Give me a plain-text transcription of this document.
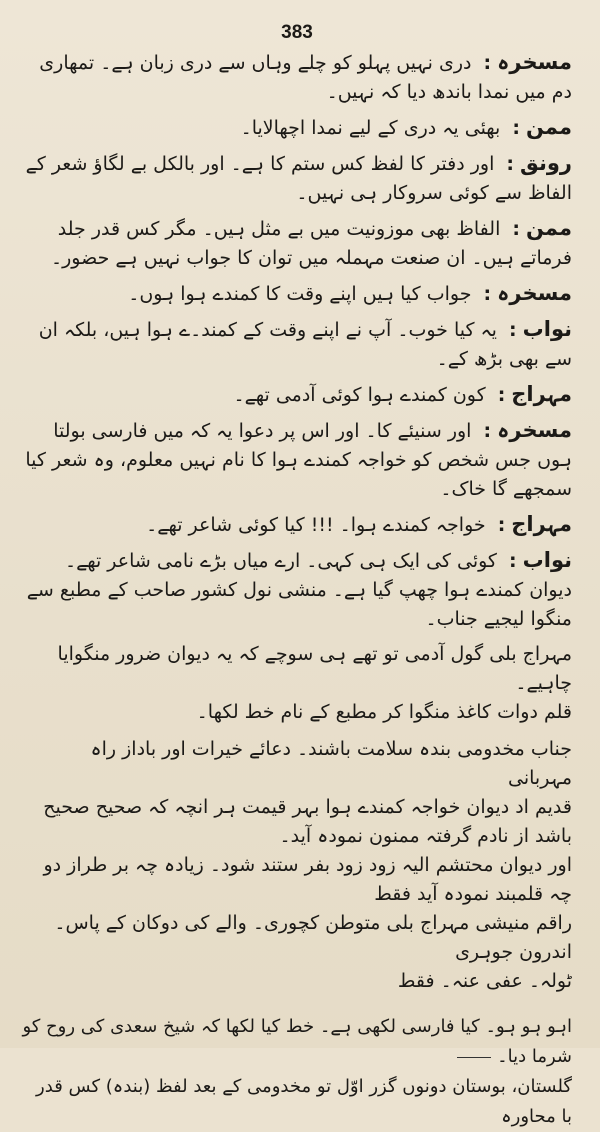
383

مسخرہ: دری نہیں پہلو کو چلے وہاں سے دری زبان ہے۔ تمھاری دم میں نمدا باندھ دیا کہ نہیں۔

ممن: بھئی یہ دری کے لیے نمدا اچھالایا۔

رونق: اور دفتر کا لفظ کس ستم کا ہے۔ اور بالکل بے لگاؤ شعر کے الفاظ سے کوئی سروکار ہی نہیں۔

ممن: الفاظ بھی موزونیت میں بے مثل ہیں۔ مگر کس قدر جلد فرماتے ہیں۔ ان صنعت مہملہ میں توان کا جواب نہیں ہے حضور۔

مسخرہ: جواب کیا ہیں اپنے وقت کا کمندے ہوا ہوں۔

نواب: یہ کیا خوب۔ آپ نے اپنے وقت کے کمند۔ے ہوا ہیں، بلکہ ان سے بھی بڑھ کے۔

مہراج: کون کمندے ہوا کوئی آدمی تھے۔

مسخرہ: اور سنیئے کا۔ اور اس پر دعوا یہ کہ میں فارسی بولتا ہوں جس شخص کو خواجہ کمندے ہوا کا نام نہیں معلوم، وہ شعر کیا سمجھے گا خاک۔

مہراج: خواجہ کمندے ہوا۔ !!! کیا کوئی شاعر تھے۔

نواب: کوئی کی ایک ہی کہی۔ ارے میاں بڑے نامی شاعر تھے۔ دیوان کمندے ہوا چھپ گیا ہے۔ منشی نول کشور صاحب کے مطبع سے منگوا لیجیے جناب۔

مہراج بلی گول آدمی تو تھے ہی سوچے کہ یہ دیوان ضرور منگوایا چاہیے۔

قلم دوات کاغذ منگوا کر مطبع کے نام خط لکھا۔

جناب مخدومی بندہ سلامت باشند۔ دعائے خیرات اور باداز راہ مہربانی

قدیم اد دیوان خواجہ کمندے ہوا بہر قیمت ہر انچہ کہ صحیح صحیح باشد از نادم گرفتہ ممنون نمودہ آید۔

اور دیوان محتشم الیہ زود زود بفر ستند شود۔ زیادہ چہ بر طراز دو چہ قلمبند نمودہ آید فقط

راقم منیشی مہراج بلی متوطن کچوری۔ والے کی دوکان کے پاس۔ اندرون جوہری

ٹولہ۔ عفی عنہ۔ فقط

اہو ہو ہو۔ کیا فارسی لکھی ہے۔ خط کیا لکھا کہ شیخ سعدی کی روح کو شرما دیا۔

گلستان، بوستان دونوں گزر اوّل تو مخدومی کے بعد لفظ (بندہ) کس قدر با محاورہ
